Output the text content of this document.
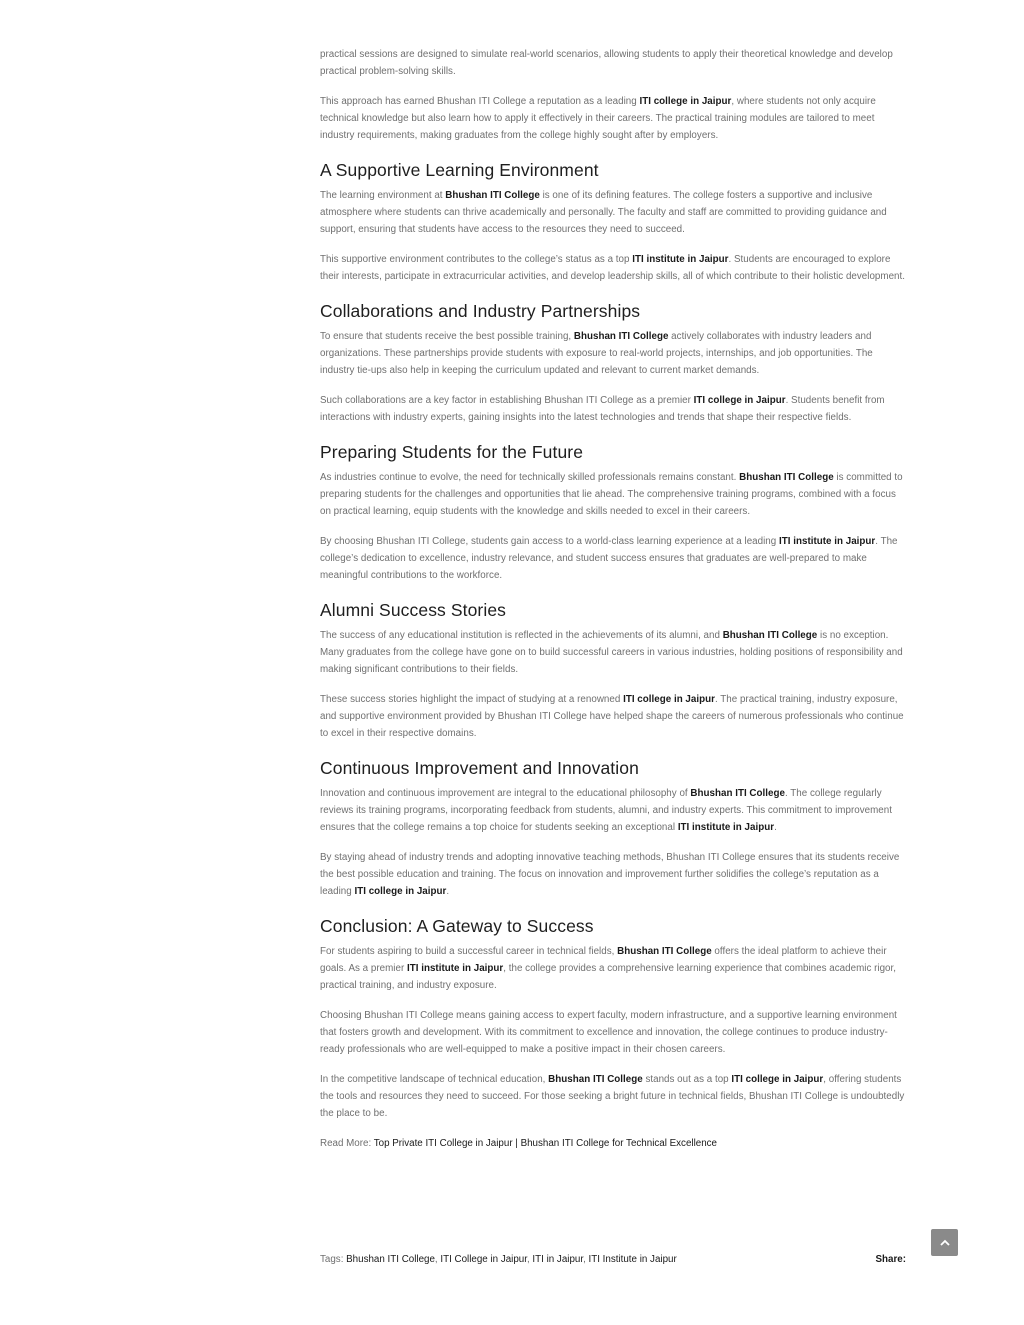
practical sessions are designed to simulate real-world scenarios, allowing students to apply their theoretical knowledge and develop practical problem-solving skills.

This approach has earned Bhushan ITI College a reputation as a leading ITI college in Jaipur, where students not only acquire technical knowledge but also learn how to apply it effectively in their careers. The practical training modules are tailored to meet industry requirements, making graduates from the college highly sought after by employers.

A Supportive Learning Environment

The learning environment at Bhushan ITI College is one of its defining features. The college fosters a supportive and inclusive atmosphere where students can thrive academically and personally. The faculty and staff are committed to providing guidance and support, ensuring that students have access to the resources they need to succeed.

This supportive environment contributes to the college’s status as a top ITI institute in Jaipur. Students are encouraged to explore their interests, participate in extracurricular activities, and develop leadership skills, all of which contribute to their holistic development.

Collaborations and Industry Partnerships

To ensure that students receive the best possible training, Bhushan ITI College actively collaborates with industry leaders and organizations. These partnerships provide students with exposure to real-world projects, internships, and job opportunities. The industry tie-ups also help in keeping the curriculum updated and relevant to current market demands.

Such collaborations are a key factor in establishing Bhushan ITI College as a premier ITI college in Jaipur. Students benefit from interactions with industry experts, gaining insights into the latest technologies and trends that shape their respective fields.

Preparing Students for the Future

As industries continue to evolve, the need for technically skilled professionals remains constant. Bhushan ITI College is committed to preparing students for the challenges and opportunities that lie ahead. The comprehensive training programs, combined with a focus on practical learning, equip students with the knowledge and skills needed to excel in their careers.

By choosing Bhushan ITI College, students gain access to a world-class learning experience at a leading ITI institute in Jaipur. The college’s dedication to excellence, industry relevance, and student success ensures that graduates are well-prepared to make meaningful contributions to the workforce.

Alumni Success Stories

The success of any educational institution is reflected in the achievements of its alumni, and Bhushan ITI College is no exception. Many graduates from the college have gone on to build successful careers in various industries, holding positions of responsibility and making significant contributions to their fields.

These success stories highlight the impact of studying at a renowned ITI college in Jaipur. The practical training, industry exposure, and supportive environment provided by Bhushan ITI College have helped shape the careers of numerous professionals who continue to excel in their respective domains.

Continuous Improvement and Innovation

Innovation and continuous improvement are integral to the educational philosophy of Bhushan ITI College. The college regularly reviews its training programs, incorporating feedback from students, alumni, and industry experts. This commitment to improvement ensures that the college remains a top choice for students seeking an exceptional ITI institute in Jaipur.

By staying ahead of industry trends and adopting innovative teaching methods, Bhushan ITI College ensures that its students receive the best possible education and training. The focus on innovation and improvement further solidifies the college’s reputation as a leading ITI college in Jaipur.

Conclusion: A Gateway to Success

For students aspiring to build a successful career in technical fields, Bhushan ITI College offers the ideal platform to achieve their goals. As a premier ITI institute in Jaipur, the college provides a comprehensive learning experience that combines academic rigor, practical training, and industry exposure.

Choosing Bhushan ITI College means gaining access to expert faculty, modern infrastructure, and a supportive learning environment that fosters growth and development. With its commitment to excellence and innovation, the college continues to produce industry-ready professionals who are well-equipped to make a positive impact in their chosen careers.

In the competitive landscape of technical education, Bhushan ITI College stands out as a top ITI college in Jaipur, offering students the tools and resources they need to succeed. For those seeking a bright future in technical fields, Bhushan ITI College is undoubtedly the place to be.

Read More: Top Private ITI College in Jaipur | Bhushan ITI College for Technical Excellence
Tags: Bhushan ITI College, ITI College in Jaipur, ITI in Jaipur, ITI Institute in Jaipur	Share:
